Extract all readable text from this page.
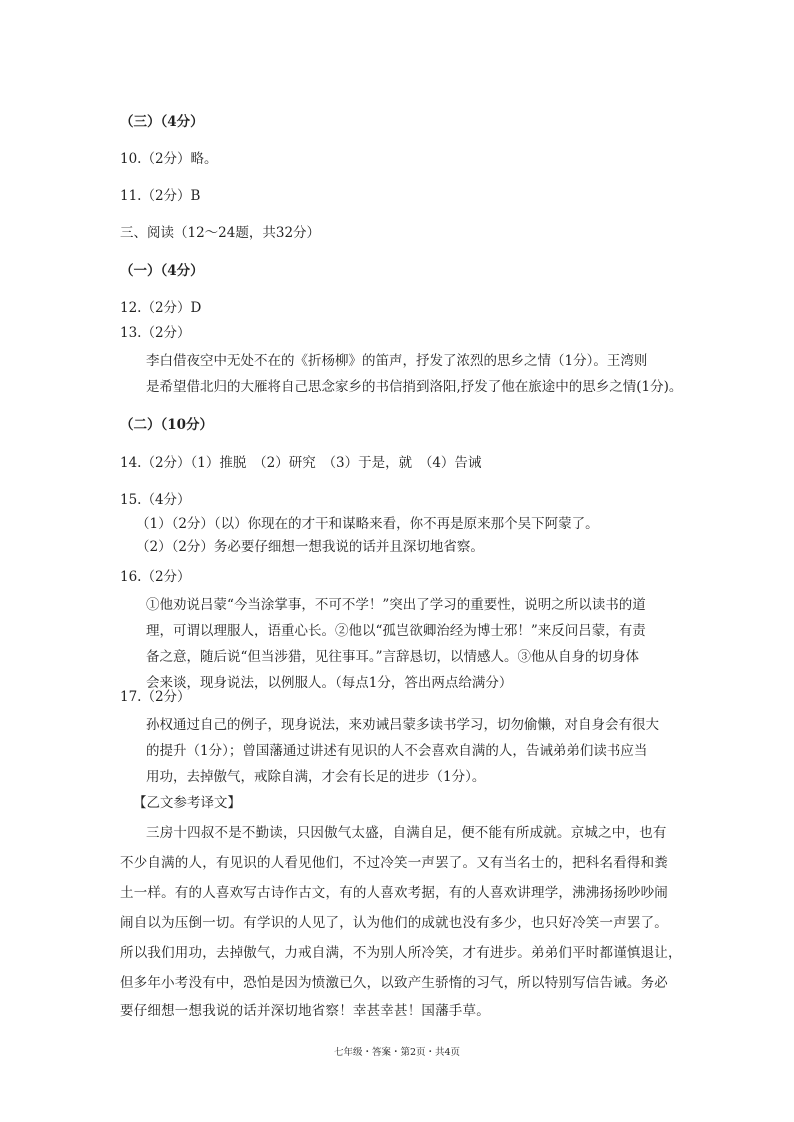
（三）（4分）
10.（2分）略。
11.（2分）B
三、阅读（12～24题，共32分）
（一）（4分）
12.（2分）D
13.（2分）
李白借夜空中无处不在的《折杨柳》的笛声，抒发了浓烈的思乡之情（1分）。王湾则
是希望借北归的大雁将自己思念家乡的书信捎到洛阳,抒发了他在旅途中的思乡之情(1分)。
（二）（10分）
14.（2分）（1）推脱　（2）研究　（3）于是，就　（4）告诫
15.（4分）
（1）（2分）（以）你现在的才干和谋略来看，你不再是原来那个吴下阿蒙了。
（2）（2分）务必要仔细想一想我说的话并且深切地省察。
16.（2分）
①他劝说吕蒙“今当涂掌事，不可不学！”突出了学习的重要性，说明之所以读书的道
理，可谓以理服人，语重心长。②他以“孤岂欲卿治经为博士邪！”来反问吕蒙，有责
备之意，随后说“但当涉猎，见往事耳。”言辞恳切，以情感人。③他从自身的切身体
会来谈，现身说法，以例服人。（每点1分，答出两点给满分）
17.（2分）
孙权通过自己的例子，现身说法，来劝诫吕蒙多读书学习，切勿偷懒，对自身会有很大
的提升（1分）；曾国藩通过讲述有见识的人不会喜欢自满的人，告诫弟弟们读书应当
用功，去掉傲气，戒除自满，才会有长足的进步（1分）。
【乙文参考译文】
三房十四叔不是不勤读，只因傲气太盛，自满自足，便不能有所成就。京城之中，也有
不少自满的人，有见识的人看见他们，不过冷笑一声罢了。又有当名士的，把科名看得和粪
土一样。有的人喜欢写古诗作古文，有的人喜欢考据，有的人喜欢讲理学，沸沸扬扬吵吵闹
闹自以为压倒一切。有学识的人见了，认为他们的成就也没有多少，也只好冷笑一声罢了。
所以我们用功，去掉傲气，力戒自满，不为别人所冷笑，才有进步。弟弟们平时都谨慎退让，
但多年小考没有中，恐怕是因为愤激已久，以致产生骄惰的习气，所以特别写信告诫。务必
要仔细想一想我说的话并深切地省察！幸甚幸甚！国藩手草。
七年级・答案・第2页・共4页
